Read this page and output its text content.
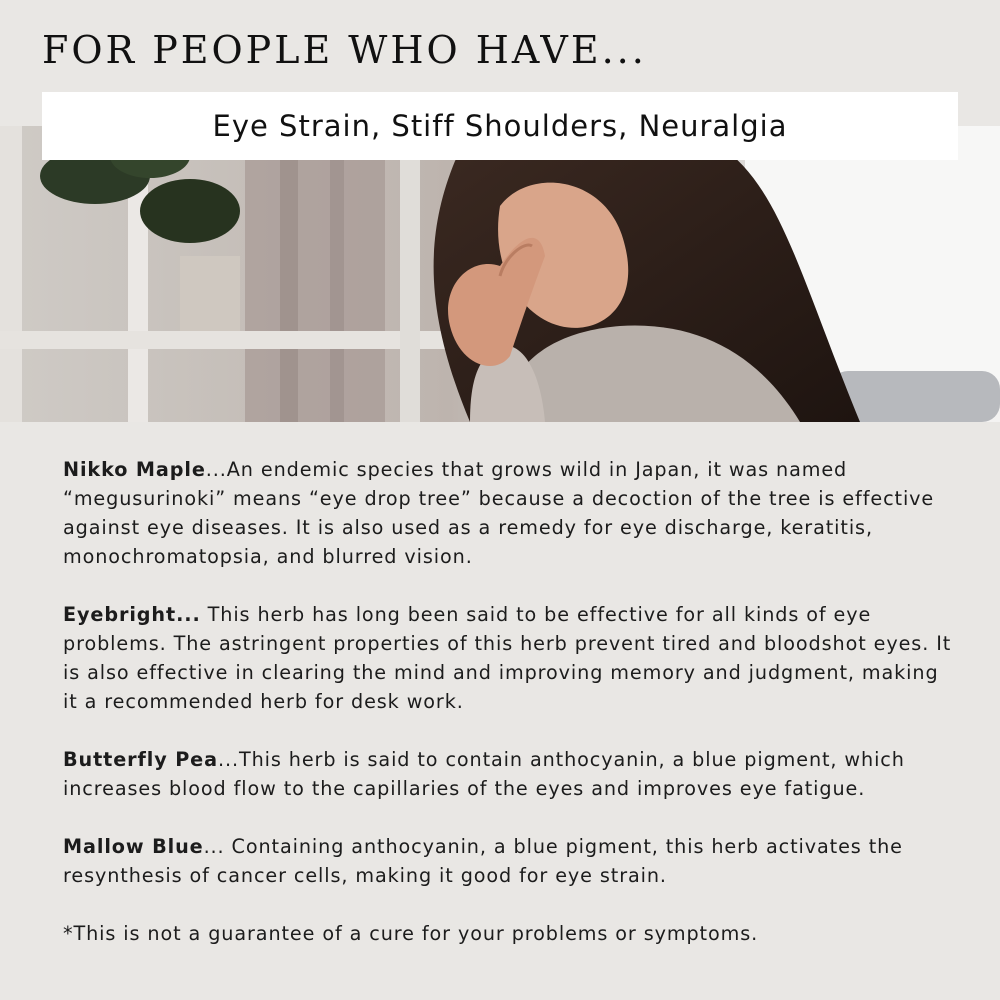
FOR PEOPLE WHO HAVE...
Eye Strain, Stiff Shoulders, Neuralgia

Nikko Maple...An endemic species that grows wild in Japan, it was named “megusurinoki” means “eye drop tree” because a decoction of the tree is effective against eye diseases. It is also used as a remedy for eye discharge, keratitis, monochromatopsia, and blurred vision.

Eyebright... This herb has long been said to be effective for all kinds of eye problems. The astringent properties of this herb prevent tired and bloodshot eyes. It is also effective in clearing the mind and improving memory and judgment, making it a recommended herb for desk work.

Butterfly Pea...This herb is said to contain anthocyanin, a blue pigment, which increases blood flow to the capillaries of the eyes and improves eye fatigue.

Mallow Blue... Containing anthocyanin, a blue pigment, this herb activates the resynthesis of cancer cells, making it good for eye strain.

*This is not a guarantee of a cure for your problems or symptoms.
